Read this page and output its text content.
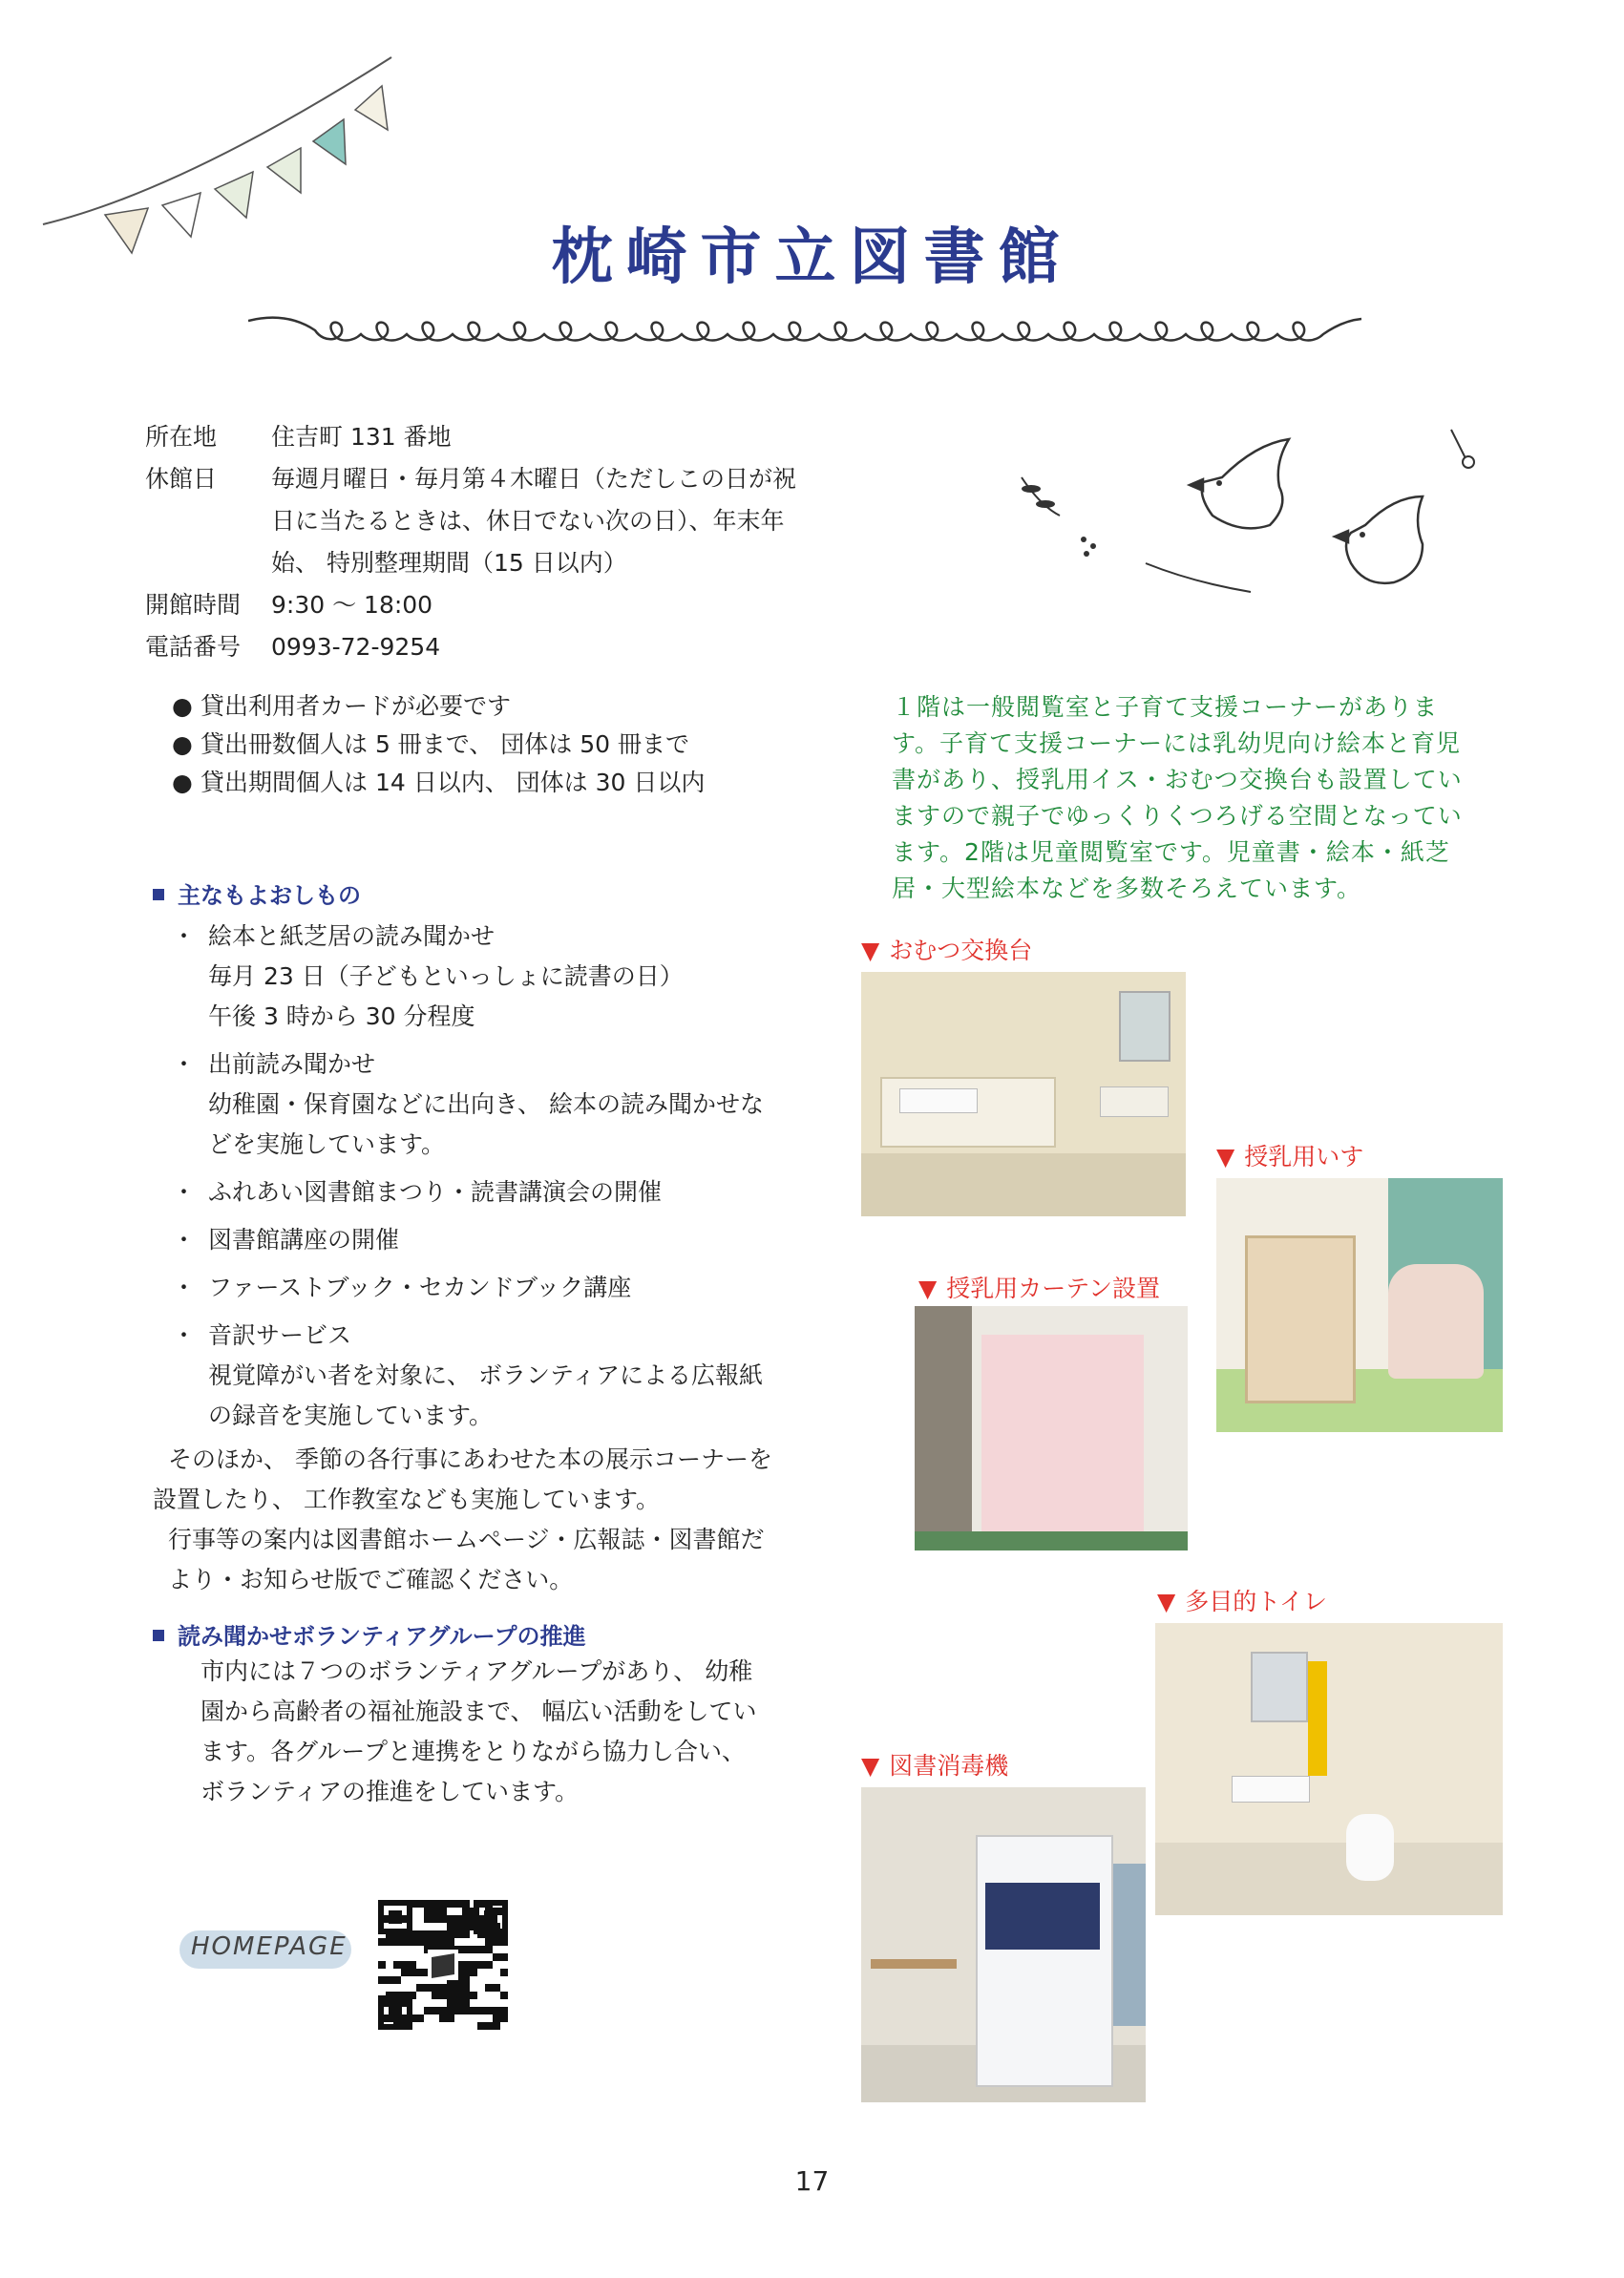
枕崎市立図書館
所在地	住吉町 131 番地
休館日	毎週月曜日・毎月第４木曜日（ただしこの日が祝日に当たるときは、休日でない次の日）、年末年始、 特別整理期間（15 日以内）
開館時間	9:30 ～ 18:00
電話番号	0993-72-9254
● 貸出利用者カードが必要です
● 貸出冊数個人は 5 冊まで、 団体は 50 冊まで
● 貸出期間個人は 14 日以内、 団体は 30 日以内
主なもよおしもの
・ 絵本と紙芝居の読み聞かせ
毎月 23 日（子どもといっしょに読書の日）
午後 3 時から 30 分程度
・ 出前読み聞かせ
幼稚園・保育園などに出向き、 絵本の読み聞かせなどを実施しています。
・ ふれあい図書館まつり・読書講演会の開催
・ 図書館講座の開催
・ ファーストブック・セカンドブック講座
・ 音訳サービス
視覚障がい者を対象に、 ボランティアによる広報紙の録音を実施しています。
そのほか、 季節の各行事にあわせた本の展示コーナーを設置したり、 工作教室なども実施しています。
行事等の案内は図書館ホームページ・広報誌・図書館だより・お知らせ版でご確認ください。
読み聞かせボランティアグループの推進
市内には７つのボランティアグループがあり、 幼稚園から高齢者の福祉施設まで、 幅広い活動をしています。各グループと連携をとりながら協力し合い、 ボランティアの推進をしています。
HOMEPAGE
１階は一般閲覧室と子育て支援コーナーがあります。子育て支援コーナーには乳幼児向け絵本と育児書があり、授乳用イス・おむつ交換台も設置していますので親子でゆっくりくつろげる空間となっています。2階は児童閲覧室です。児童書・絵本・紙芝居・大型絵本などを多数そろえています。
▼ おむつ交換台
▼ 授乳用いす
▼ 授乳用カーテン設置
▼ 多目的トイレ
▼ 図書消毒機
17
